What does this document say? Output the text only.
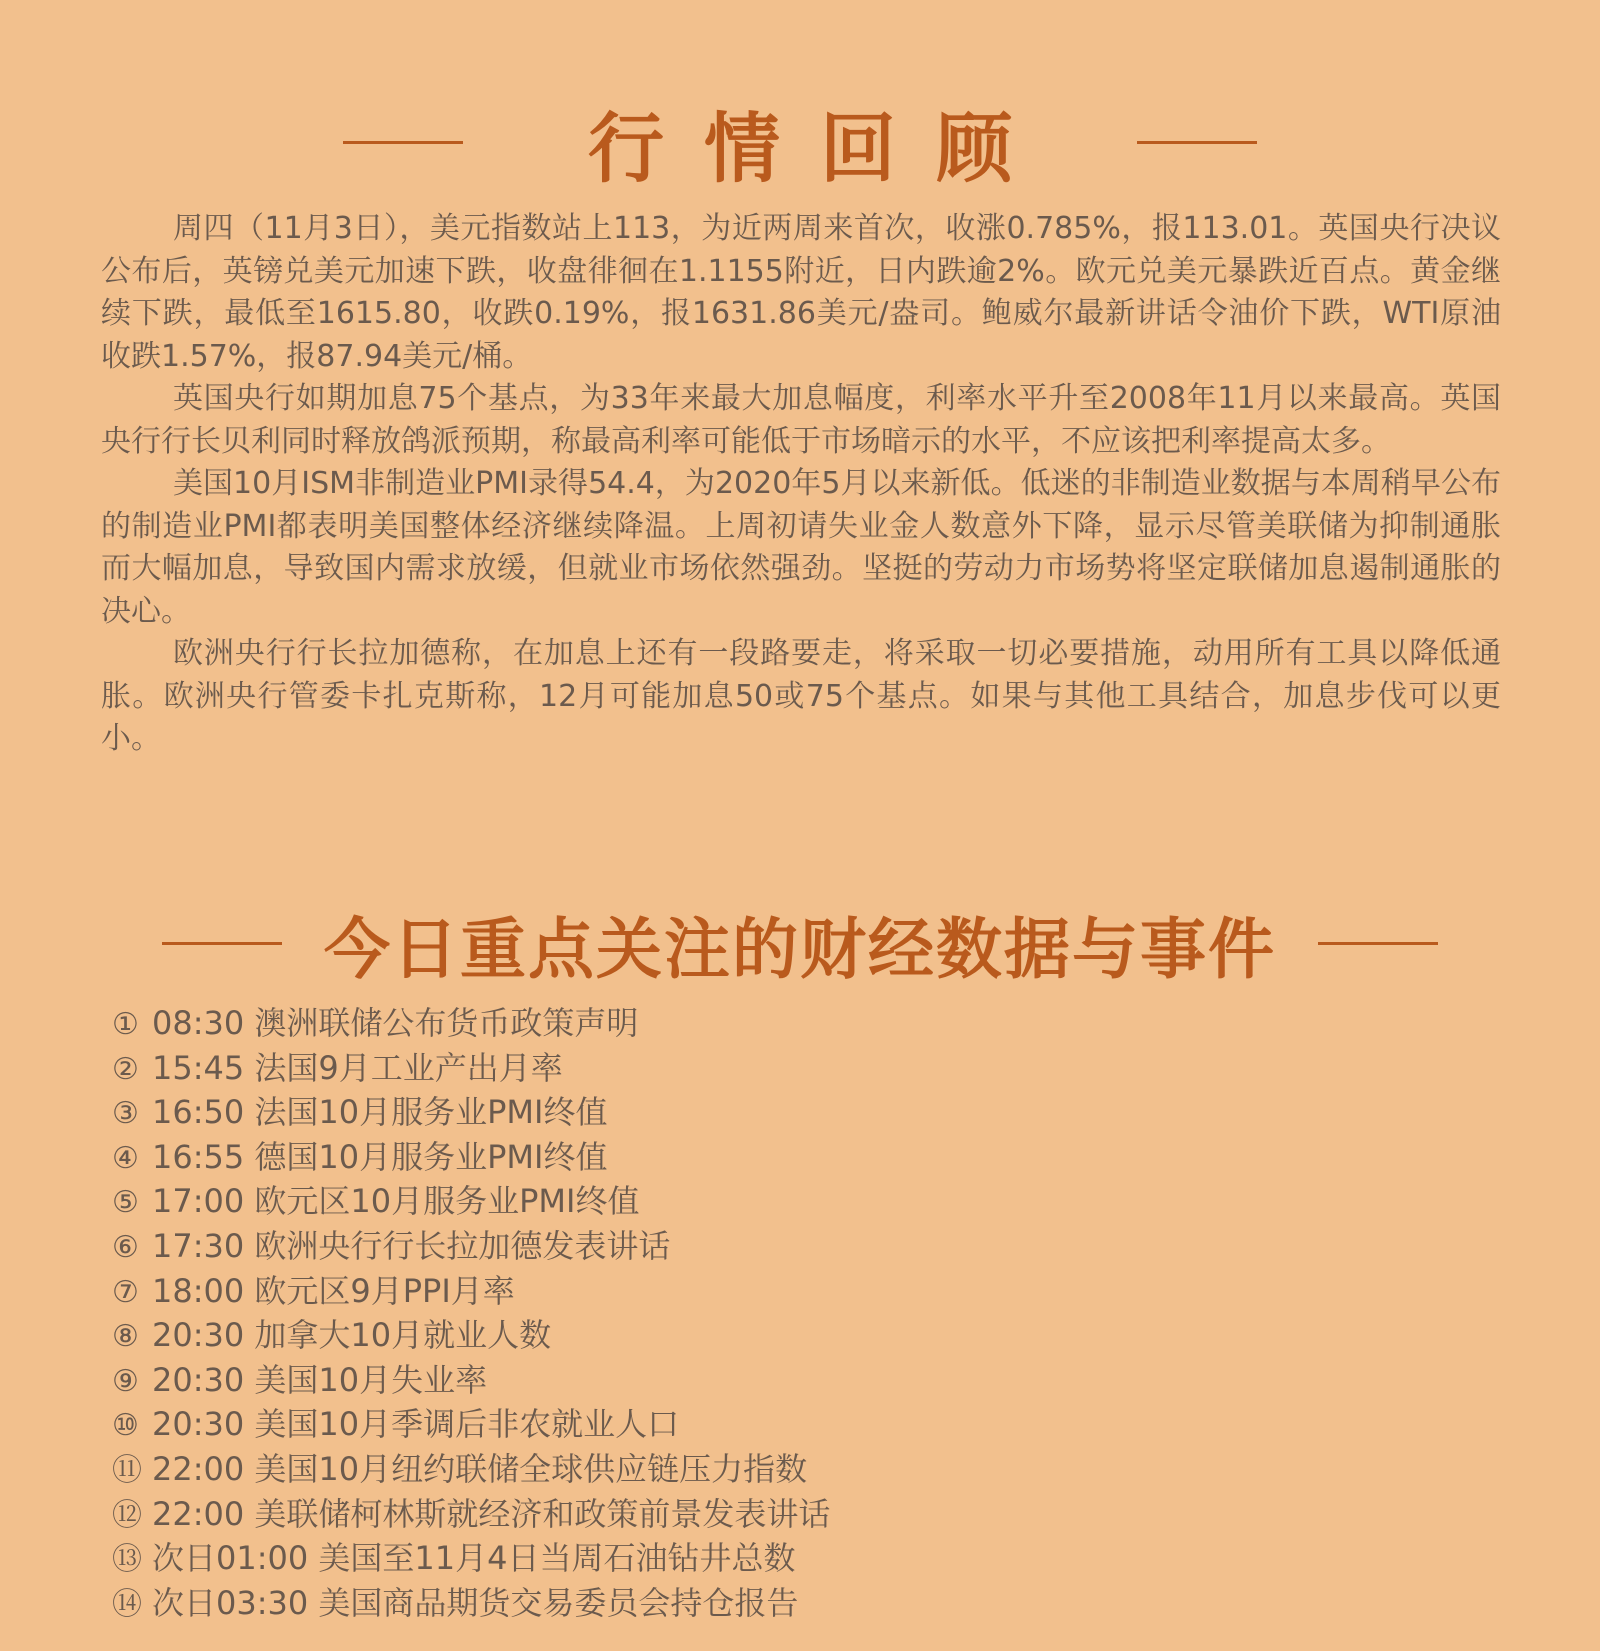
行情回顾

周四（11月3日），美元指数站上113，为近两周来首次，收涨0.785%，报113.01。英国央行决议公布后，英镑兑美元加速下跌，收盘徘徊在1.1155附近，日内跌逾2%。欧元兑美元暴跌近百点。黄金继续下跌，最低至1615.80，收跌0.19%，报1631.86美元/盎司。鲍威尔最新讲话令油价下跌，WTI原油收跌1.57%，报87.94美元/桶。

英国央行如期加息75个基点，为33年来最大加息幅度，利率水平升至2008年11月以来最高。英国央行行长贝利同时释放鸽派预期，称最高利率可能低于市场暗示的水平，不应该把利率提高太多。

美国10月ISM非制造业PMI录得54.4，为2020年5月以来新低。低迷的非制造业数据与本周稍早公布的制造业PMI都表明美国整体经济继续降温。上周初请失业金人数意外下降，显示尽管美联储为抑制通胀而大幅加息，导致国内需求放缓，但就业市场依然强劲。坚挺的劳动力市场势将坚定联储加息遏制通胀的决心。

欧洲央行行长拉加德称，在加息上还有一段路要走，将采取一切必要措施，动用所有工具以降低通胀。欧洲央行管委卡扎克斯称，12月可能加息50或75个基点。如果与其他工具结合，加息步伐可以更小。

今日重点关注的财经数据与事件
① 08:30 澳洲联储公布货币政策声明
② 15:45 法国9月工业产出月率
③ 16:50 法国10月服务业PMI终值
④ 16:55 德国10月服务业PMI终值
⑤ 17:00 欧元区10月服务业PMI终值
⑥ 17:30 欧洲央行行长拉加德发表讲话
⑦ 18:00 欧元区9月PPI月率
⑧ 20:30 加拿大10月就业人数
⑨ 20:30 美国10月失业率
⑩ 20:30 美国10月季调后非农就业人口
⑪ 22:00 美国10月纽约联储全球供应链压力指数
⑫ 22:00 美联储柯林斯就经济和政策前景发表讲话
⑬ 次日01:00 美国至11月4日当周石油钻井总数
⑭ 次日03:30 美国商品期货交易委员会持仓报告
